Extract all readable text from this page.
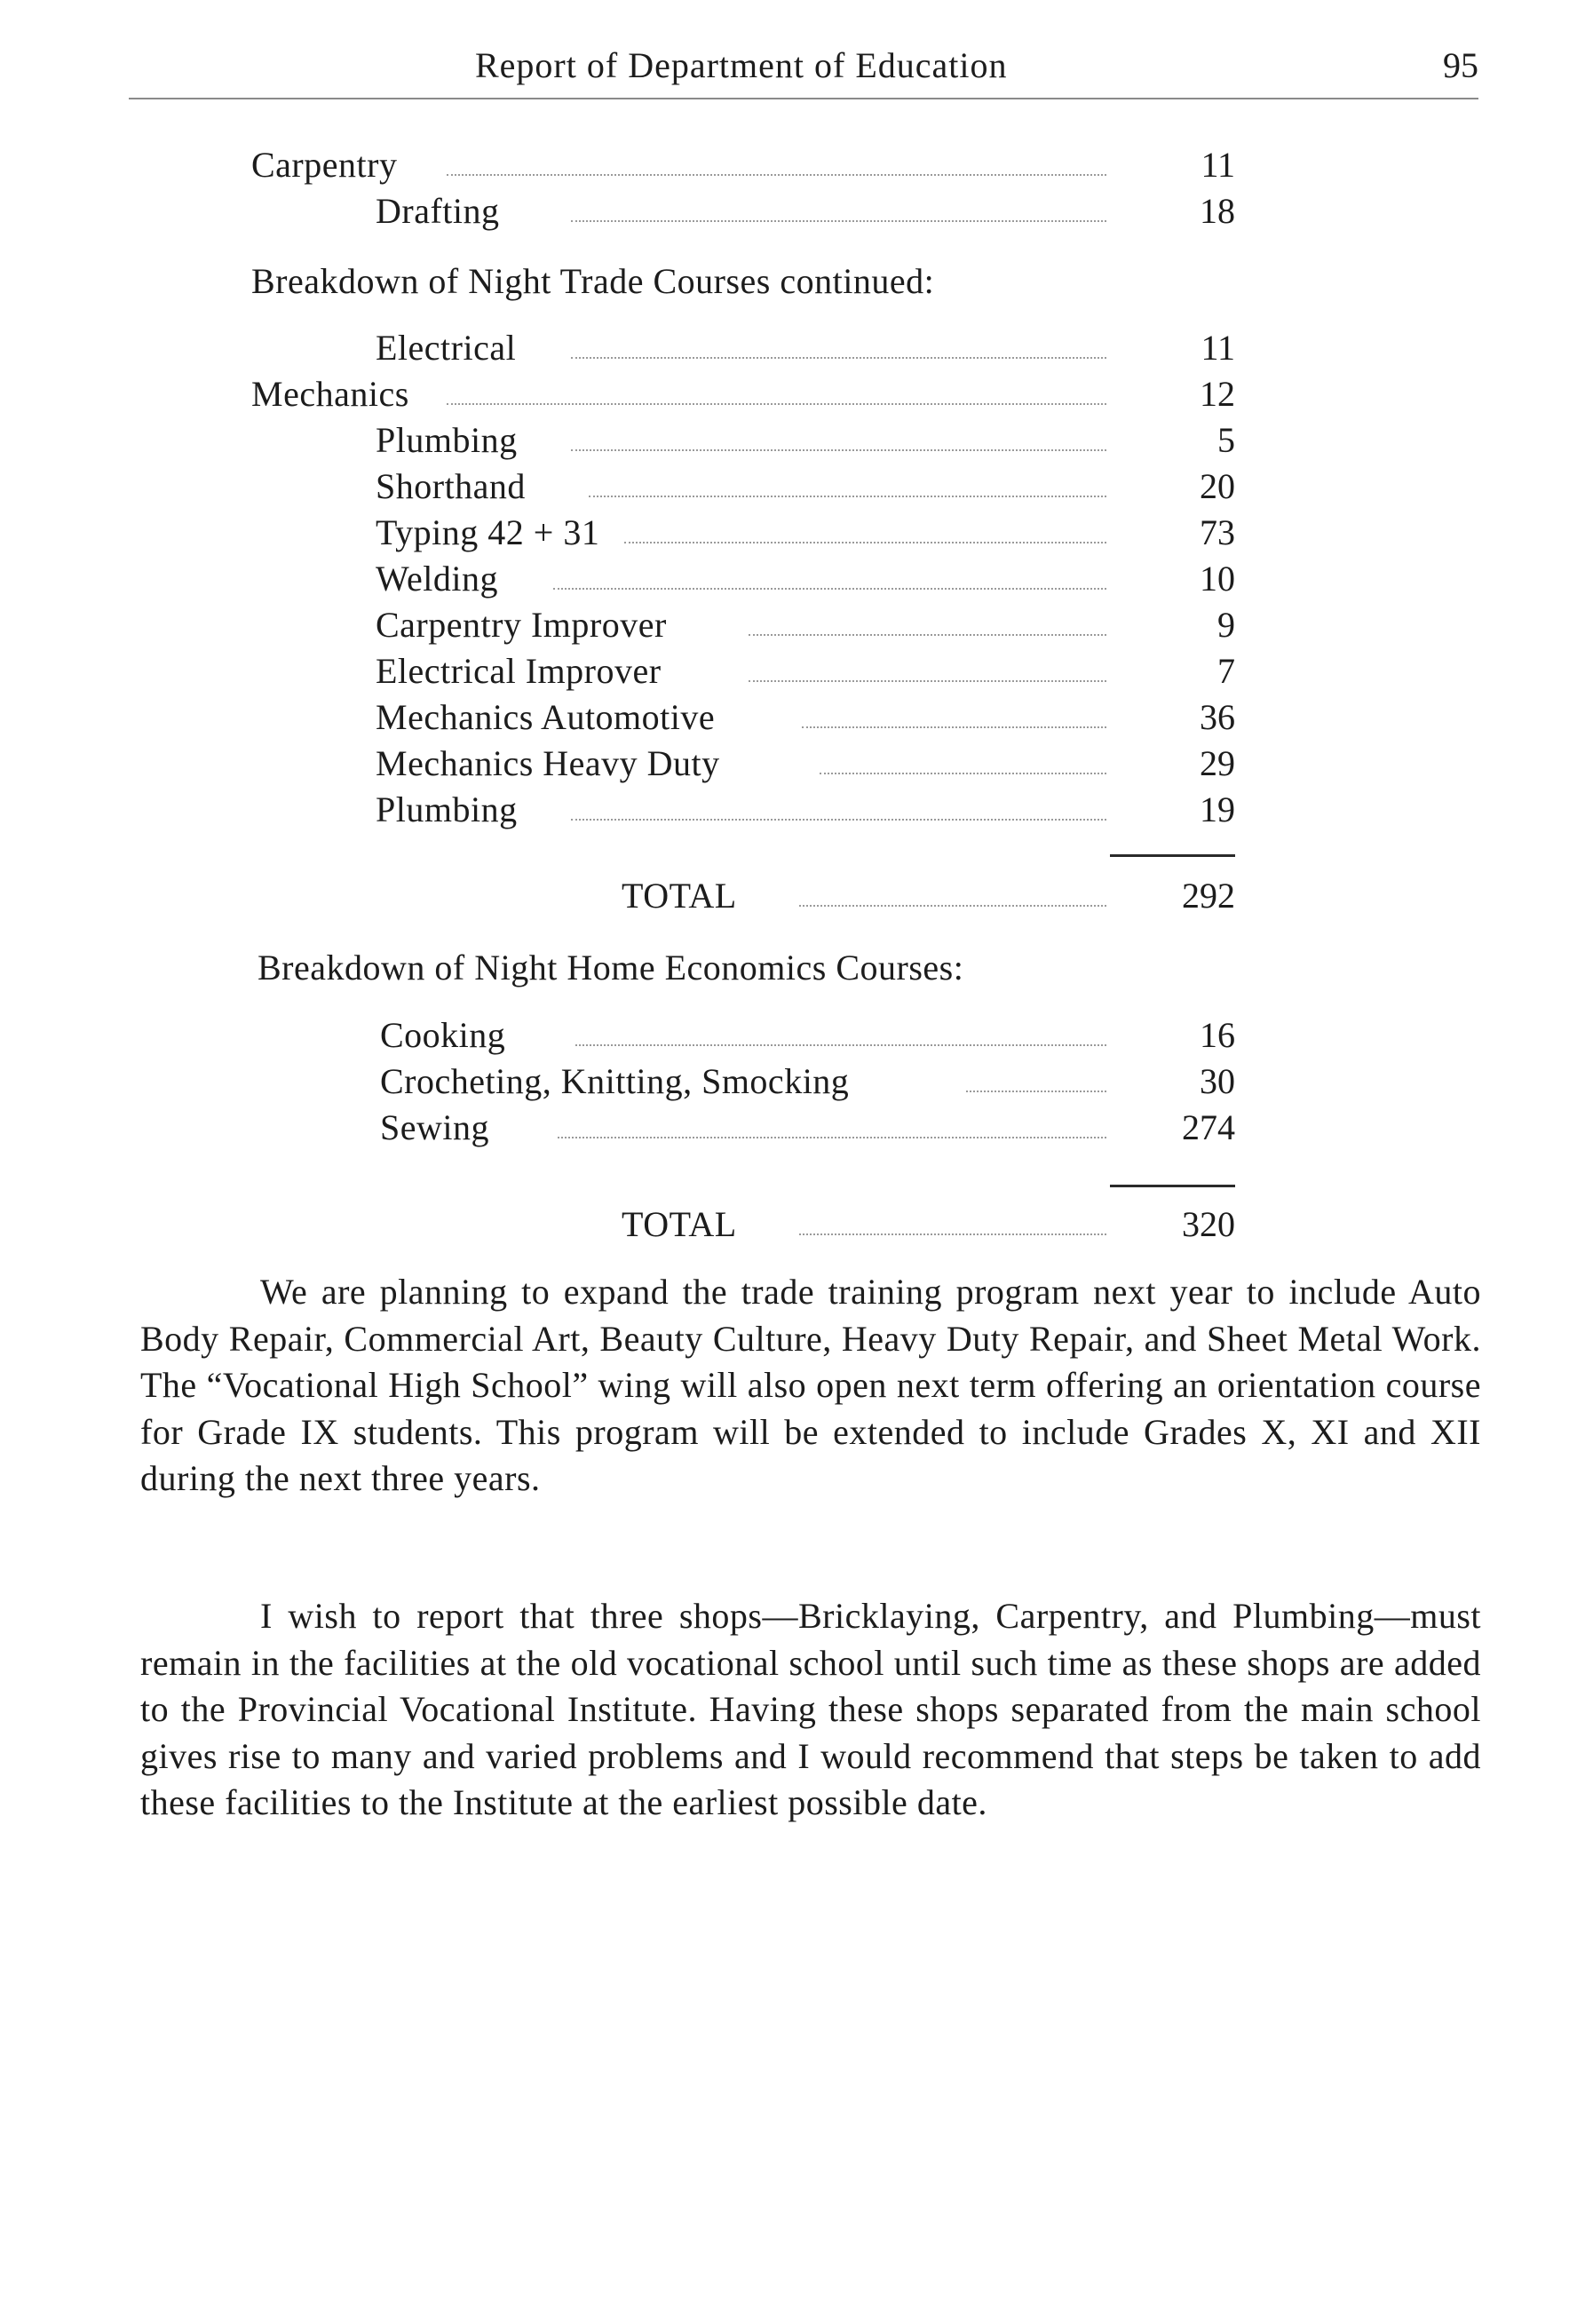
Report of Department of Education	95
Carpentry	11
Drafting	18
Breakdown of Night Trade Courses continued:
Electrical	11
Mechanics	12
Plumbing	5
Shorthand	20
Typing 42 + 31	73
Welding	10
Carpentry Improver	9
Electrical Improver	7
Mechanics Automotive	36
Mechanics Heavy Duty	29
Plumbing	19
TOTAL	292
Breakdown of Night Home Economics Courses:
Cooking	16
Crocheting, Knitting, Smocking	30
Sewing	274
TOTAL	320
We are planning to expand the trade training program next year to include Auto Body Repair, Commercial Art, Beauty Culture, Heavy Duty Repair, and Sheet Metal Work. The “Vocational High School” wing will also open next term offering an orientation course for Grade IX students. This program will be extended to include Grades X, XI and XII during the next three years.
I wish to report that three shops—Bricklaying, Carpentry, and Plumbing—must remain in the facilities at the old vocational school until such time as these shops are added to the Provincial Vocational Institute. Having these shops separated from the main school gives rise to many and varied problems and I would recommend that steps be taken to add these facilities to the Institute at the earliest possible date.
